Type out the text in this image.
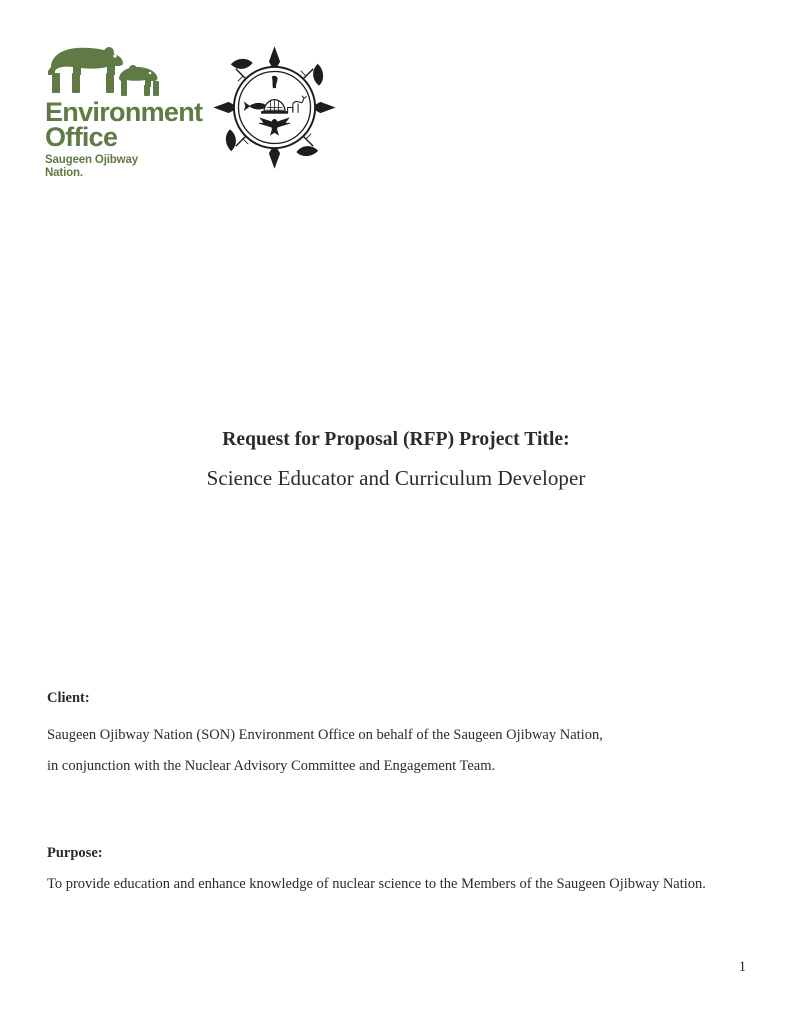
Environment
Office
Saugeen Ojibway
Nation.
Request for Proposal (RFP) Project Title:
Science Educator and Curriculum Developer
Client:
Saugeen Ojibway Nation (SON) Environment Office on behalf of the Saugeen Ojibway Nation,
in conjunction with the Nuclear Advisory Committee and Engagement Team.
Purpose:
To provide education and enhance knowledge of nuclear science to the Members of the Saugeen Ojibway Nation.
1
